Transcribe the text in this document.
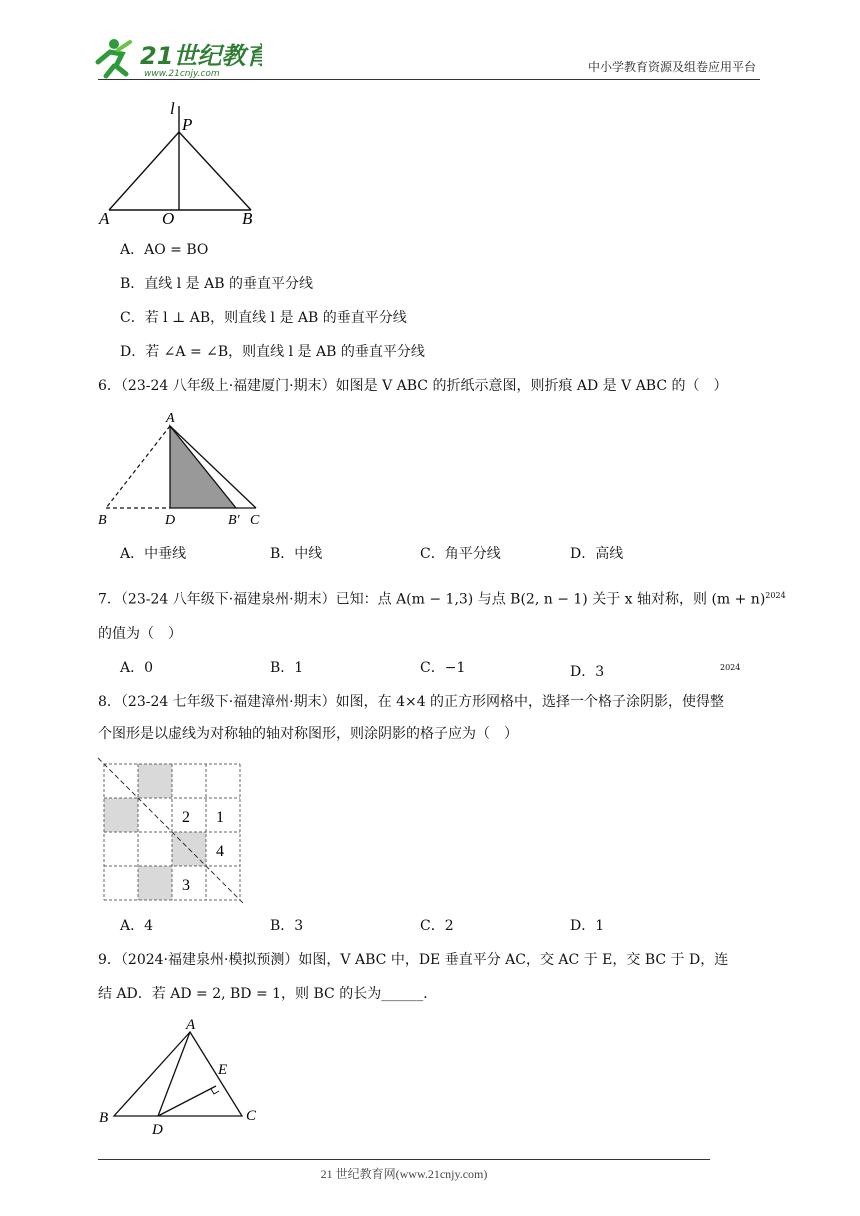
21世纪教育
www.21cnjy.com	中小学教育资源及组卷应用平台
l
P
A	O	B
A．AO = BO
B．直线 l 是 AB 的垂直平分线
C．若 l ⊥ AB，则直线 l 是 AB 的垂直平分线
D．若 ∠A = ∠B，则直线 l 是 AB 的垂直平分线
6．（23-24 八年级上·福建厦门·期末）如图是 V ABC 的折纸示意图，则折痕 AD 是 V ABC 的（　）
A
B	D	B′ C
A．中垂线	B．中线	C．角平分线	D．高线
7．（23-24 八年级下·福建泉州·期末）已知：点 A(m − 1,3) 与点 B(2, n − 1) 关于 x 轴对称，则 $(m + n)^{2024}$
的值为（　）
A．0	B．1	C．−1	D．3	$^{2024}$
8．（23-24 七年级下·福建漳州·期末）如图，在 4×4 的正方形网格中，选择一个格子涂阴影，使得整
个图形是以虚线为对称轴的轴对称图形，则涂阴影的格子应为（　）
2 1
4
3
A．4	B．3	C．2	D．1
9．（2024·福建泉州·模拟预测）如图，V ABC 中，DE 垂直平分 AC，交 AC 于 E，交 BC 于 D，连
结 AD．若 AD = 2, BD = 1，则 BC 的长为______．
A
E
B
D
C
21 世纪教育网(www.21cnjy.com)
